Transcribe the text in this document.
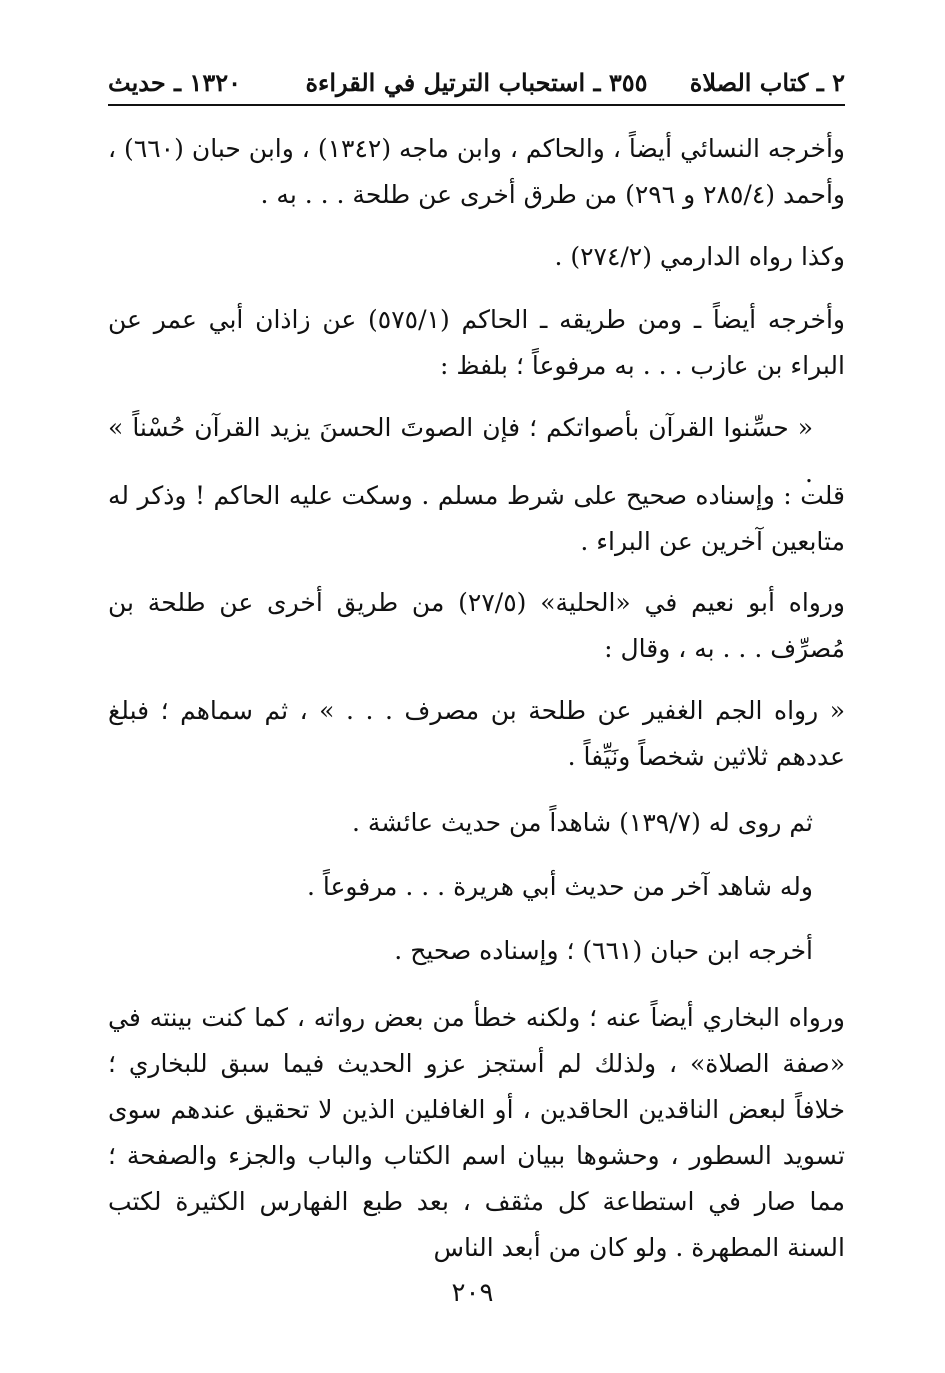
٢ ـ كتاب الصلاة
٣٥٥ ـ استحباب الترتيل في القراءة
١٣٢٠ ـ حديث

وأخرجه النسائي أيضاً ، والحاكم ، وابن ماجه (١٣٤٢) ، وابن حبان (٦٦٠) ، وأحمد (٢٨٥/٤ و ٢٩٦) من طرق أخرى عن طلحة . . . به .

وكذا رواه الدارمي (٢٧٤/٢) .

وأخرجه أيضاً ـ ومن طريقه ـ الحاكم (٥٧٥/١) عن زاذان أبي عمر عن البراء بن عازب . . . به مرفوعاً ؛ بلفظ :

« حسِّنوا القرآن بأصواتكم ؛ فإن الصوتَ الحسنَ يزيد القرآن حُسْناً » .

قلت : وإسناده صحيح على شرط مسلم . وسكت عليه الحاكم ! وذكر له متابعين آخرين عن البراء .

ورواه أبو نعيم في «الحلية» (٢٧/٥) من طريق أخرى عن طلحة بن مُصرِّف . . . به ، وقال :

« رواه الجم الغفير عن طلحة بن مصرف . . . » ، ثم سماهم ؛ فبلغ عددهم ثلاثين شخصاً ونَيِّفاً .

ثم روى له (١٣٩/٧) شاهداً من حديث عائشة .

وله شاهد آخر من حديث أبي هريرة . . . مرفوعاً .

أخرجه ابن حبان (٦٦١) ؛ وإسناده صحيح .

ورواه البخاري أيضاً عنه ؛ ولكنه خطأ من بعض رواته ، كما كنت بينته في «صفة الصلاة» ، ولذلك لم أستجز عزو الحديث فيما سبق للبخاري ؛ خلافاً لبعض الناقدين الحاقدين ، أو الغافلين الذين لا تحقيق عندهم سوى تسويد السطور ، وحشوها ببيان اسم الكتاب والباب والجزء والصفحة ؛ مما صار في استطاعة كل مثقف ، بعد طبع الفهارس الكثيرة لكتب السنة المطهرة . ولو كان من أبعد الناس

٢٠٩
